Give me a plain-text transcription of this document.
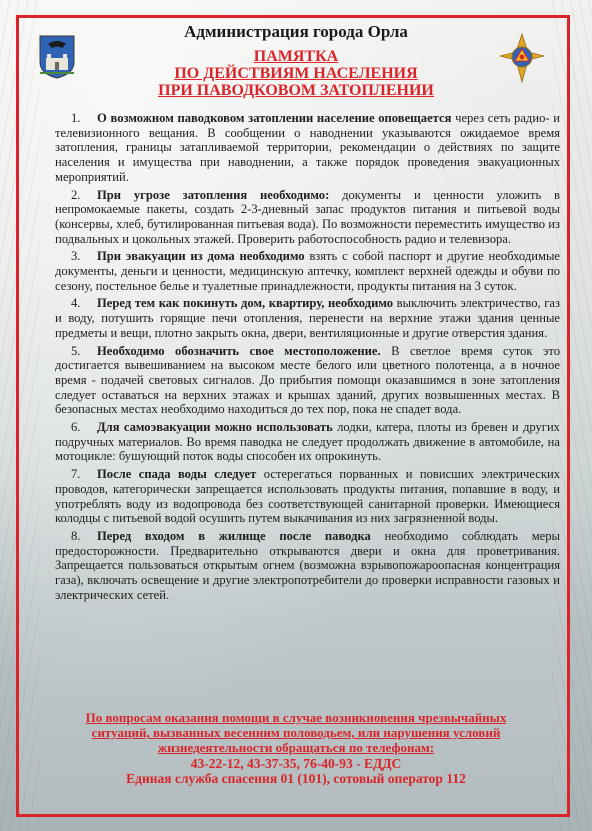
Администрация города Орла
ПАМЯТКА
ПО ДЕЙСТВИЯМ НАСЕЛЕНИЯ
ПРИ ПАВОДКОВОМ ЗАТОПЛЕНИИ

1. О возможном паводковом затоплении население оповещается через сеть радио- и телевизионного вещания. В сообщении о наводнении указываются ожидаемое время затопления, границы затапливаемой территории, рекомендации о действиях по защите населения и имущества при наводнении, а также порядок проведения эвакуационных мероприятий.

2. При угрозе затопления необходимо: документы и ценности уложить в непромокаемые пакеты, создать 2-3-дневный запас продуктов питания и питьевой воды (консервы, хлеб, бутилированная питьевая вода). По возможности переместить имущество из подвальных и цокольных этажей. Проверить работоспособность радио и телевизора.

3. При эвакуации из дома необходимо взять с собой паспорт и другие необходимые документы, деньги и ценности, медицинскую аптечку, комплект верхней одежды и обуви по сезону, постельное белье и туалетные принадлежности, продукты питания на 3 суток.

4. Перед тем как покинуть дом, квартиру, необходимо выключить электричество, газ и воду, потушить горящие печи отопления, перенести на верхние этажи здания ценные предметы и вещи, плотно закрыть окна, двери, вентиляционные и другие отверстия здания.

5. Необходимо обозначить свое местоположение. В светлое время суток это достигается вывешиванием на высоком месте белого или цветного полотенца, а в ночное время - подачей световых сигналов. До прибытия помощи оказавшимся в зоне затопления следует оставаться на верхних этажах и крышах зданий, других возвышенных местах. В безопасных местах необходимо находиться до тех пор, пока не спадет вода.

6. Для самоэвакуации можно использовать лодки, катера, плоты из бревен и других подручных материалов. Во время паводка не следует продолжать движение в автомобиле, на мотоцикле: бушующий поток воды способен их опрокинуть.

7. После спада воды следует остерегаться порванных и повисших электрических проводов, категорически запрещается использовать продукты питания, попавшие в воду, и употреблять воду из водопровода без соответствующей санитарной проверки. Имеющиеся колодцы с питьевой водой осушить путем выкачивания из них загрязненной воды.

8. Перед входом в жилище после паводка необходимо соблюдать меры предосторожности. Предварительно открываются двери и окна для проветривания. Запрещается пользоваться открытым огнем (возможна взрывопожароопасная концентрация газа), включать освещение и другие электропотребители до проверки исправности газовых и электрических сетей.

По вопросам оказания помощи в случае возникновения чрезвычайных
ситуаций, вызванных весенним половодьем, или нарушения условий
жизнедеятельности обращаться по телефонам:
43-22-12, 43-37-35, 76-40-93 - ЕДДС
Единая служба спасения 01 (101), сотовый оператор 112
